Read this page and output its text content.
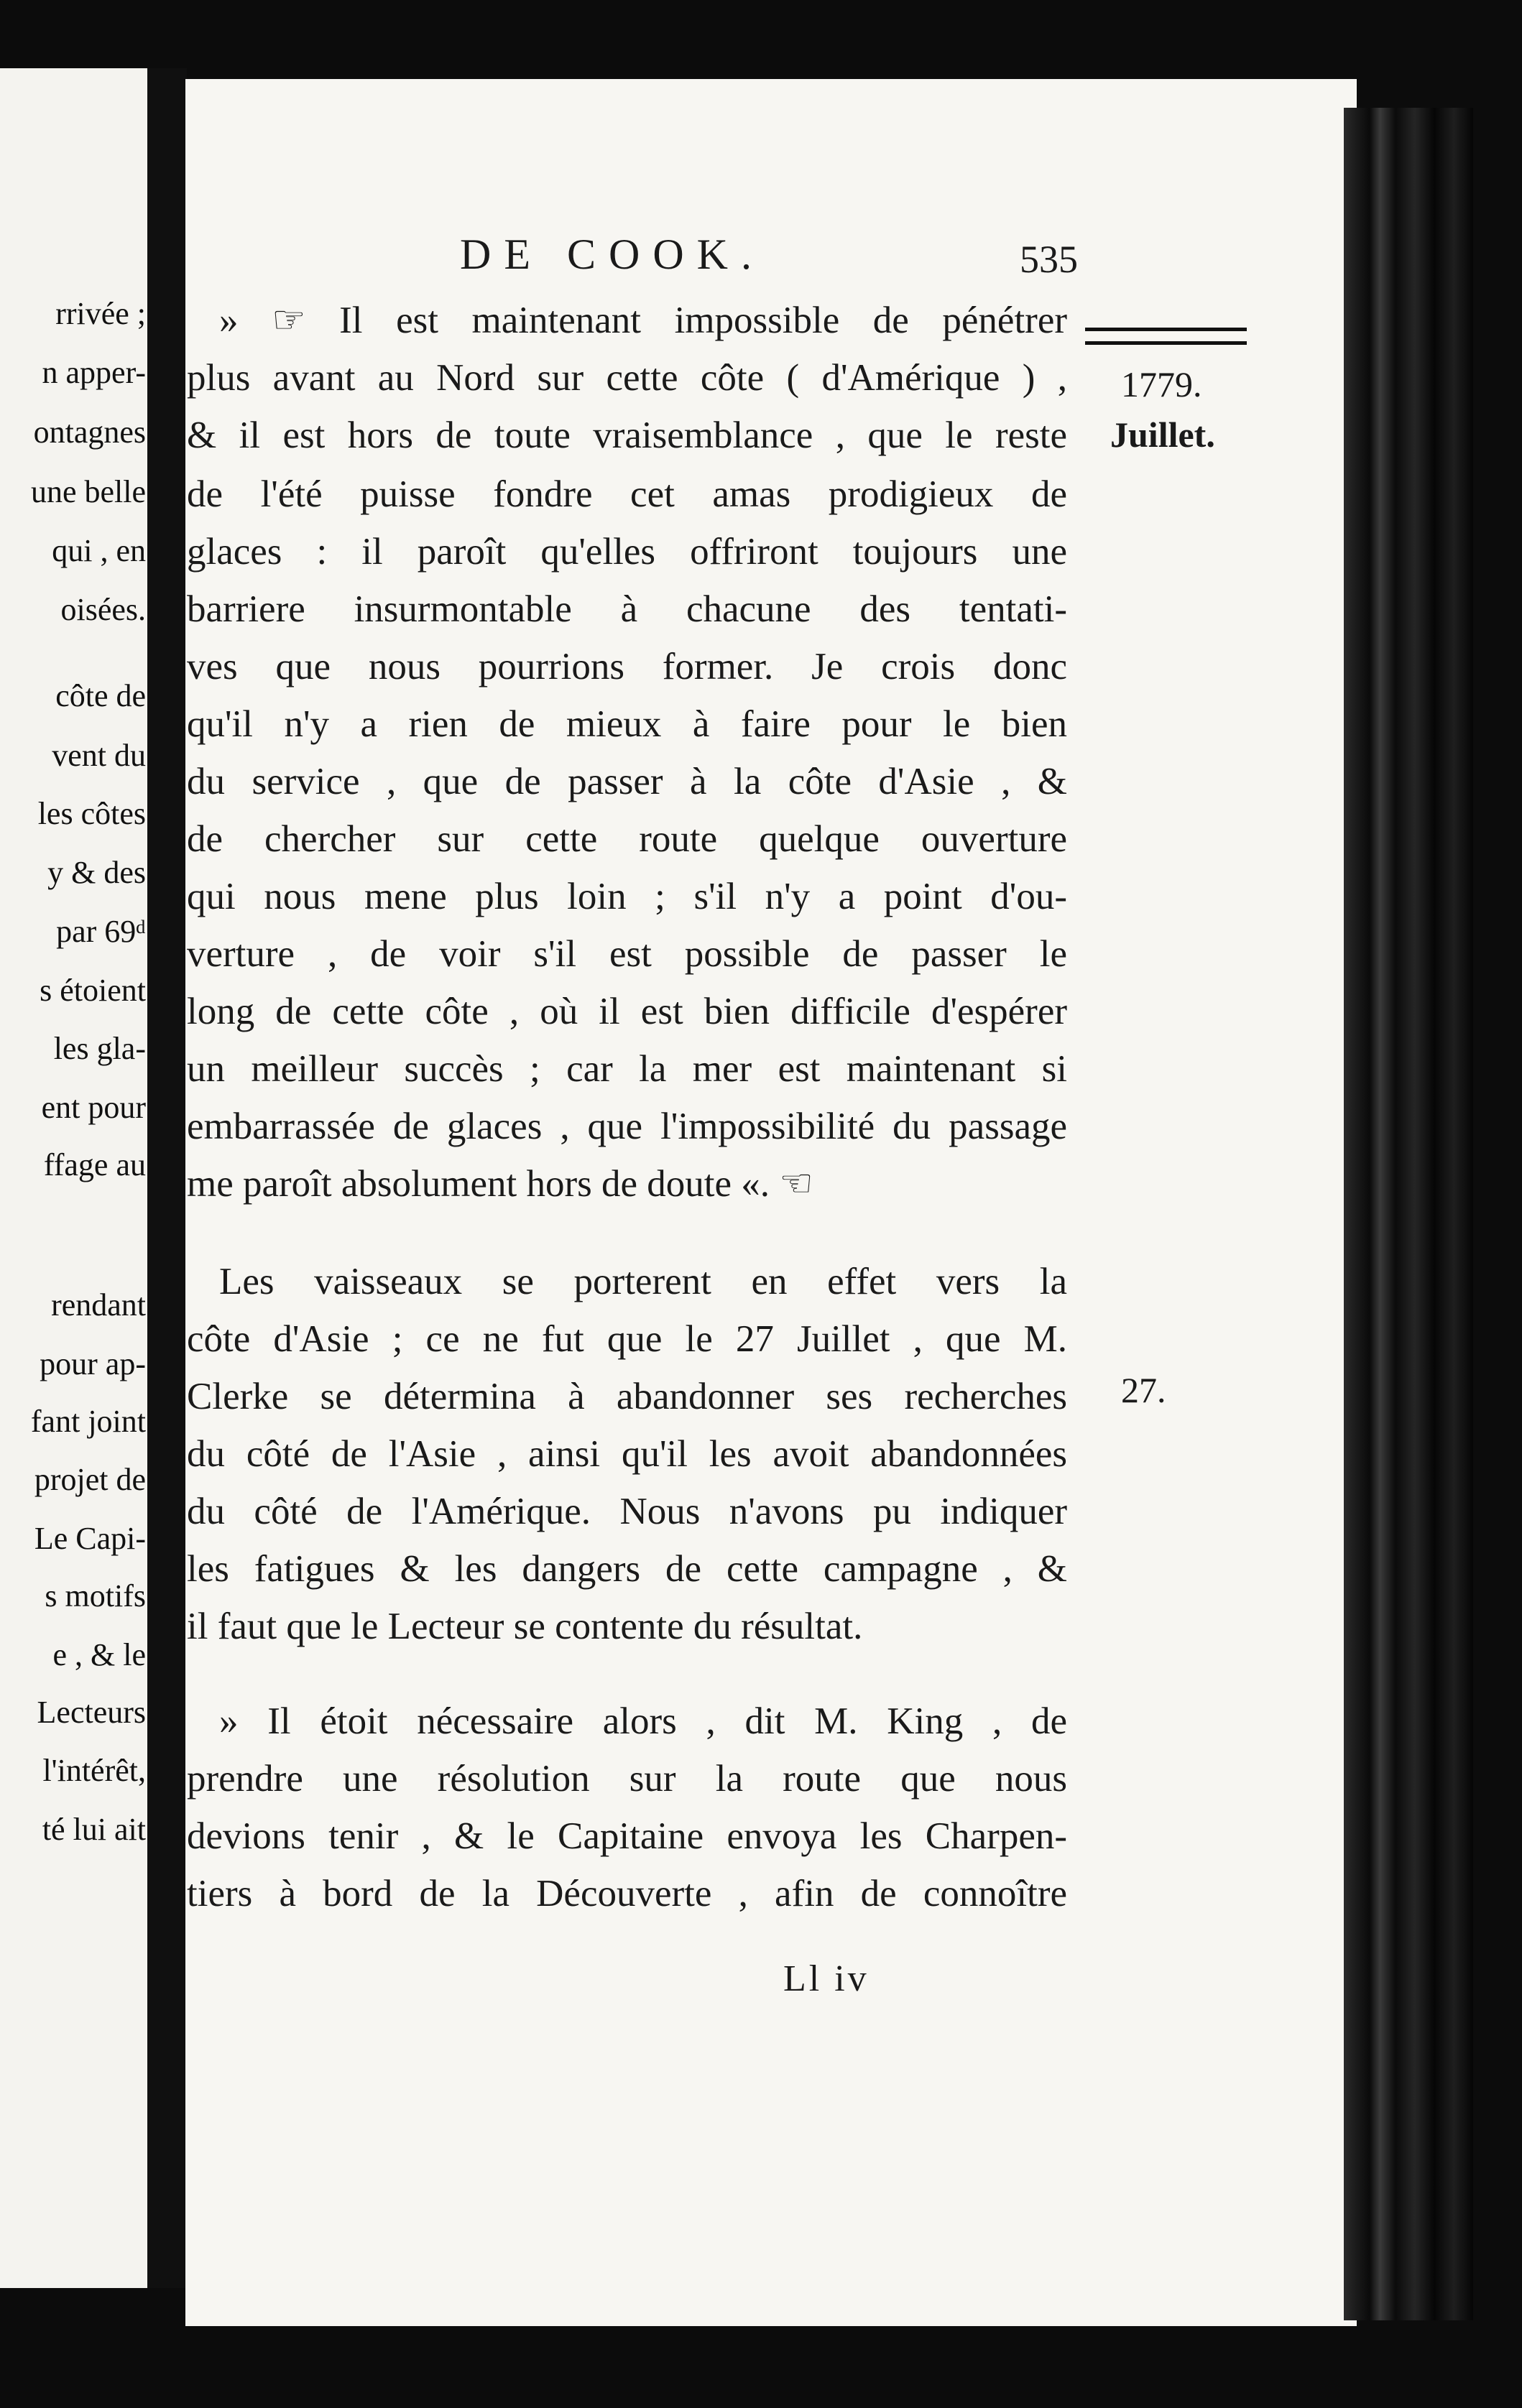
rrivée ;
n apper-
ontagnes
une belle
qui , en
oisées.
côte de
vent du
les côtes
y & des
par 69ᵈ
s étoient
les gla-
ent pour
ffage au
rendant
pour ap-
fant joint
projet de
Le Capi-
s motifs
e , & le
Lecteurs
l'intérêt,
té lui ait
DE COOK.	535
1779.
Juillet.
27.
» ☞ Il est maintenant impossible de pénétrer
plus avant au Nord sur cette côte ( d'Amérique ) ,
& il est hors de toute vraisemblance , que le reste
de l'été puisse fondre cet amas prodigieux de
glaces : il paroît qu'elles offriront toujours une
barriere insurmontable à chacune des tentati-
ves que nous pourrions former. Je crois donc
qu'il n'y a rien de mieux à faire pour le bien
du service , que de passer à la côte d'Asie , &
de chercher sur cette route quelque ouverture
qui nous mene plus loin ; s'il n'y a point d'ou-
verture , de voir s'il est possible de passer le
long de cette côte , où il est bien difficile d'espérer
un meilleur succès ; car la mer est maintenant si
embarrassée de glaces , que l'impossibilité du passage
me paroît absolument hors de doute «. ☜
Les vaisseaux se porterent en effet vers la
côte d'Asie ; ce ne fut que le 27 Juillet , que M.
Clerke se détermina à abandonner ses recherches
du côté de l'Asie , ainsi qu'il les avoit abandonnées
du côté de l'Amérique. Nous n'avons pu indiquer
les fatigues & les dangers de cette campagne , &
il faut que le Lecteur se contente du résultat.
» Il étoit nécessaire alors , dit M. King , de
prendre une résolution sur la route que nous
devions tenir , & le Capitaine envoya les Charpen-
tiers à bord de la Découverte , afin de connoître
Ll iv
